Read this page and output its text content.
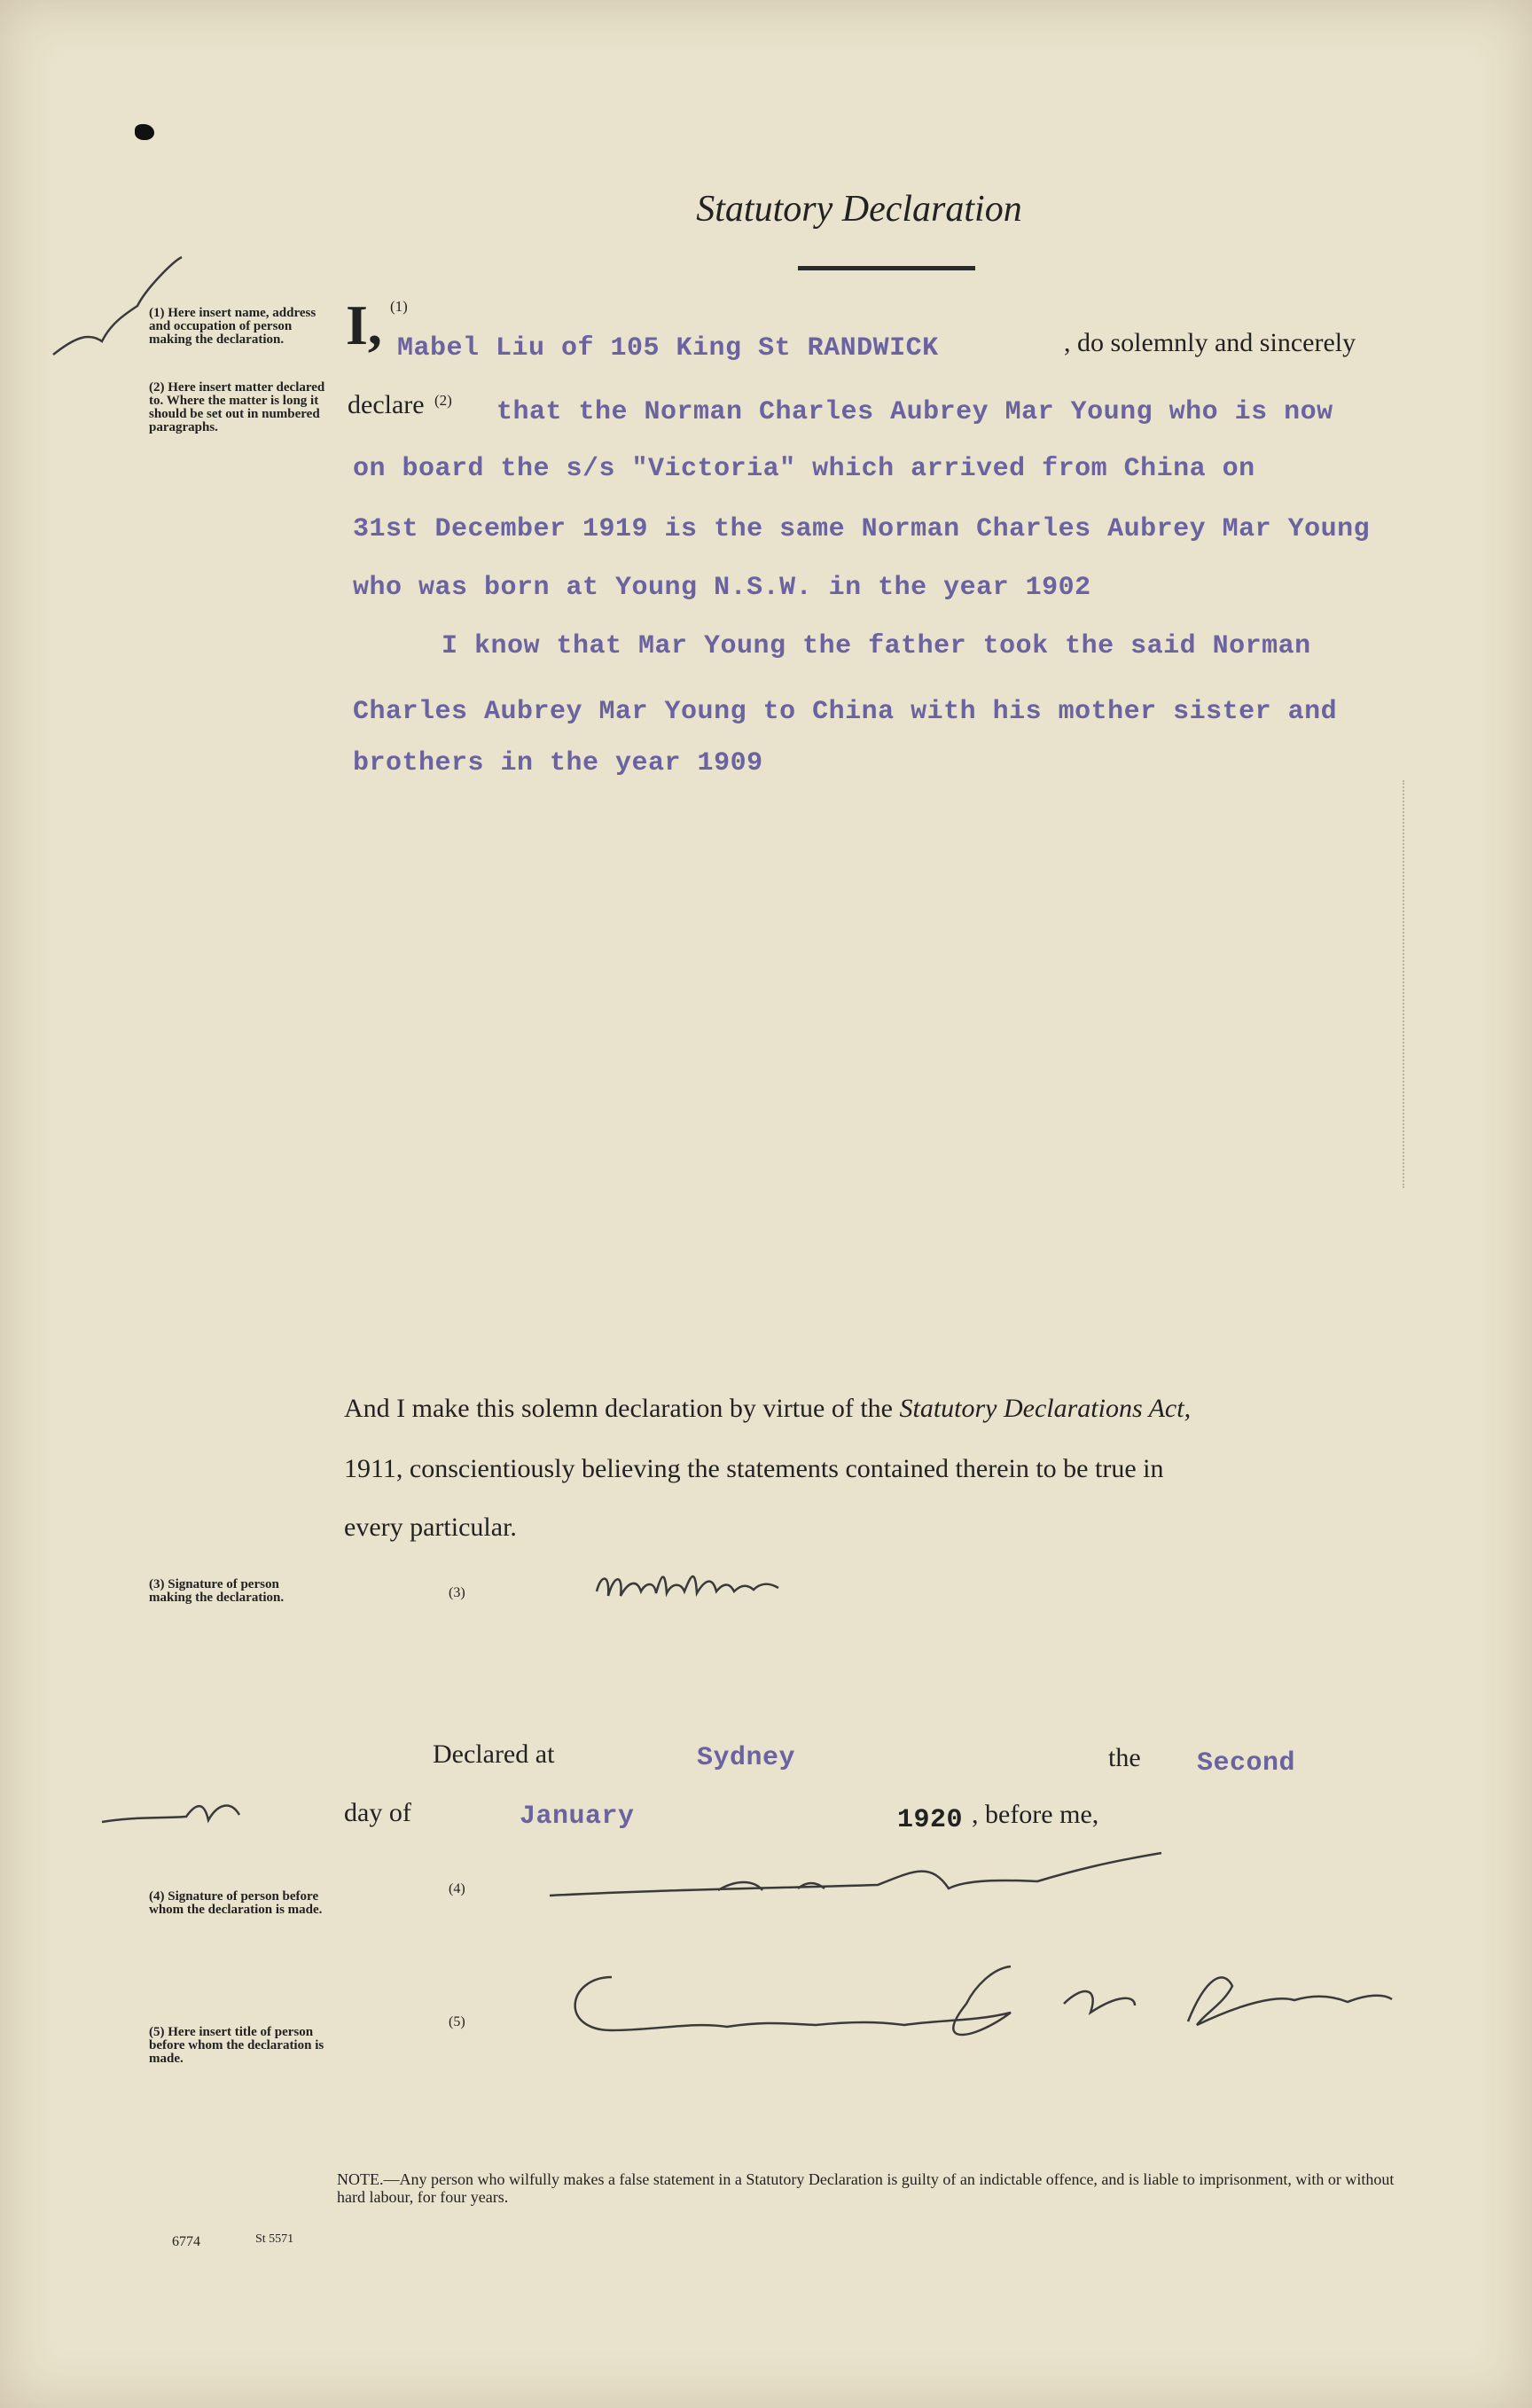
Statutory Declaration
(1) Here insert name, address and occupation of person making the declaration.
(2) Here insert matter declared to. Where the matter is long it should be set out in numbered paragraphs.
(3) Signature of person making the declaration.
(4) Signature of person before whom the declaration is made.
(5) Here insert title of person before whom the declaration is made.
I, (1)
Mabel Liu of 105 King St RANDWICK	, do solemnly and sincerely
declare (2) that the Norman Charles Aubrey Mar Young who is now
on board the s/s "Victoria" which arrived from China on
31st December 1919 is the same Norman Charles Aubrey Mar Young
who was born at Young N.S.W. in the year 1902
I know that Mar Young the father took the said Norman
Charles Aubrey Mar Young to China with his mother sister and
brothers in the year 1909
And I make this solemn declaration by virtue of the Statutory Declarations Act,
1911, conscientiously believing the statements contained therein to be true in
every particular.
(3)
Declared at	Sydney	the Second
day of	January	1920 , before me,
(4)
(5)
NOTE.—Any person who wilfully makes a false statement in a Statutory Declaration is guilty of an indictable offence, and is liable to imprisonment, with or without hard labour, for four years.
6774	St 5571
